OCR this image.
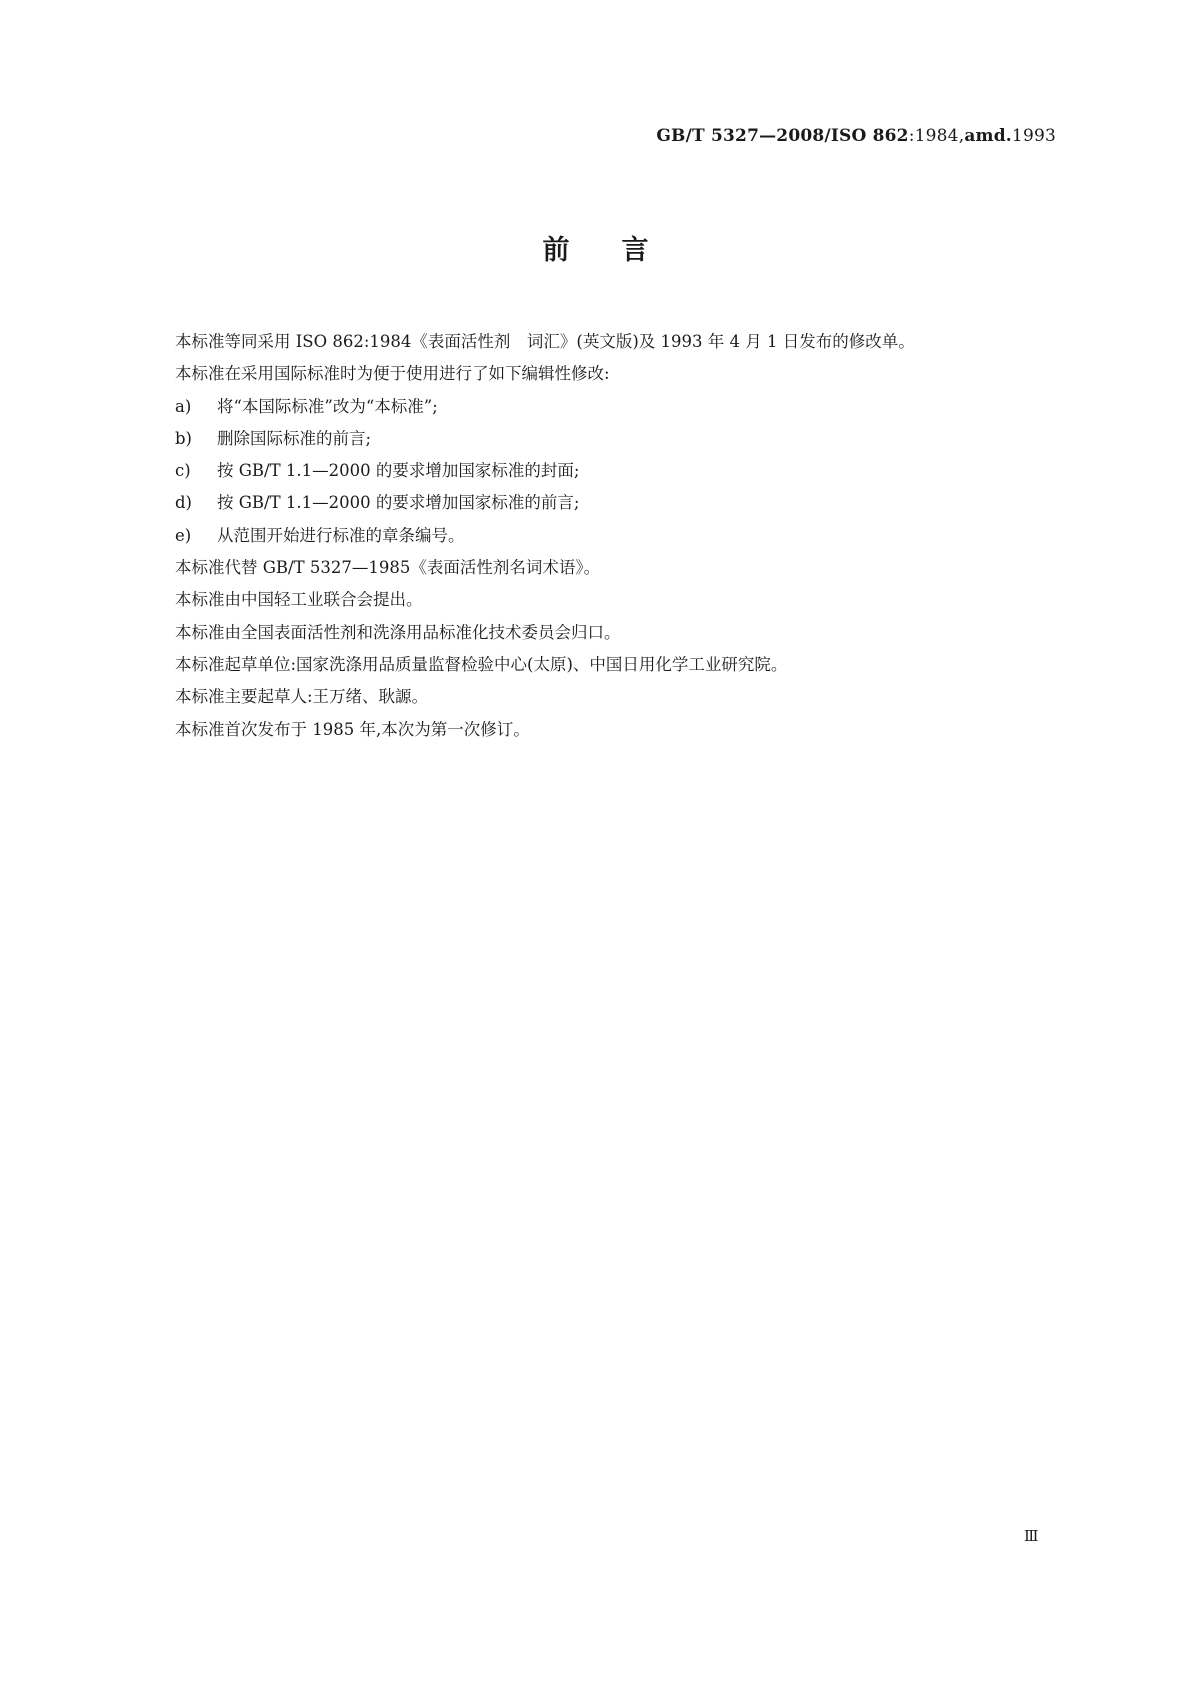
GB/T 5327—2008/ISO 862:1984,amd.1993
前言
本标准等同采用 ISO 862:1984《表面活性剂　词汇》(英文版)及 1993 年 4 月 1 日发布的修改单。
本标准在采用国际标准时为便于使用进行了如下编辑性修改:
a) 将“本国际标准”改为“本标准”;
b) 删除国际标准的前言;
c) 按 GB/T 1.1—2000 的要求增加国家标准的封面;
d) 按 GB/T 1.1—2000 的要求增加国家标准的前言;
e) 从范围开始进行标准的章条编号。
本标准代替 GB/T 5327—1985《表面活性剂名词术语》。
本标准由中国轻工业联合会提出。
本标准由全国表面活性剂和洗涤用品标准化技术委员会归口。
本标准起草单位:国家洗涤用品质量监督检验中心(太原)、中国日用化学工业研究院。
本标准主要起草人:王万绪、耿謜。
本标准首次发布于 1985 年,本次为第一次修订。
Ⅲ
